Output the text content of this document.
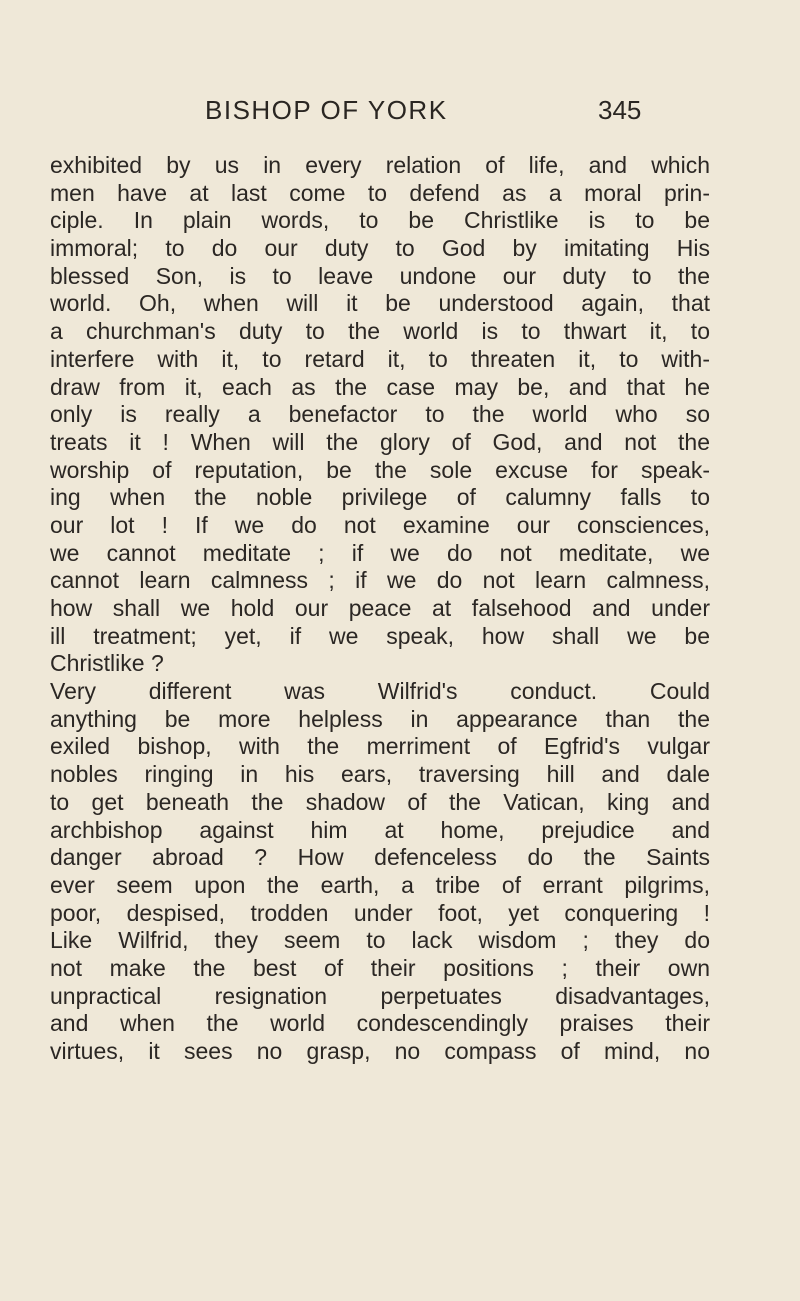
BISHOP OF YORK	345
exhibited by us in every relation of life, and which
men have at last come to defend as a moral prin-
ciple. In plain words, to be Christlike is to be
immoral; to do our duty to God by imitating His
blessed Son, is to leave undone our duty to the
world. Oh, when will it be understood again, that
a churchman's duty to the world is to thwart it, to
interfere with it, to retard it, to threaten it, to with-
draw from it, each as the case may be, and that he
only is really a benefactor to the world who so
treats it ! When will the glory of God, and not the
worship of reputation, be the sole excuse for speak-
ing when the noble privilege of calumny falls to
our lot ! If we do not examine our consciences,
we cannot meditate ; if we do not meditate, we
cannot learn calmness ; if we do not learn calmness,
how shall we hold our peace at falsehood and under
ill treatment; yet, if we speak, how shall we be
Christlike ?
Very different was Wilfrid's conduct. Could
anything be more helpless in appearance than the
exiled bishop, with the merriment of Egfrid's vulgar
nobles ringing in his ears, traversing hill and dale
to get beneath the shadow of the Vatican, king and
archbishop against him at home, prejudice and
danger abroad ? How defenceless do the Saints
ever seem upon the earth, a tribe of errant pilgrims,
poor, despised, trodden under foot, yet conquering !
Like Wilfrid, they seem to lack wisdom ; they do
not make the best of their positions ; their own
unpractical resignation perpetuates disadvantages,
and when the world condescendingly praises their
virtues, it sees no grasp, no compass of mind, no
